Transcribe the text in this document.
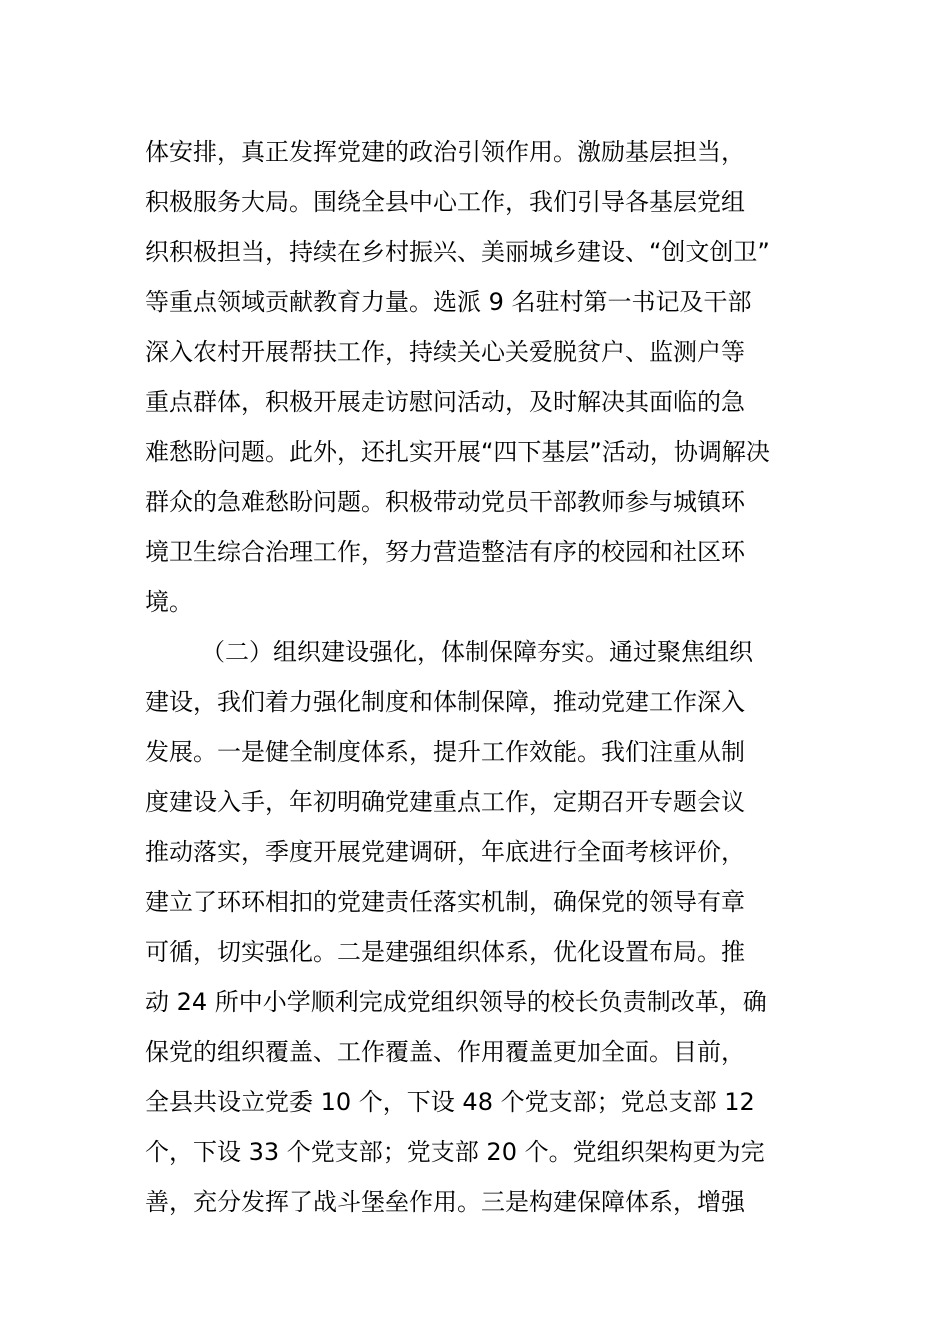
体安排，真正发挥党建的政治引领作用。激励基层担当，
积极服务大局。围绕全县中心工作，我们引导各基层党组
织积极担当，持续在乡村振兴、美丽城乡建设、“创文创卫”
等重点领域贡献教育力量。选派 9 名驻村第一书记及干部
深入农村开展帮扶工作，持续关心关爱脱贫户、监测户等
重点群体，积极开展走访慰问活动，及时解决其面临的急
难愁盼问题。此外，还扎实开展“四下基层”活动，协调解决
群众的急难愁盼问题。积极带动党员干部教师参与城镇环
境卫生综合治理工作，努力营造整洁有序的校园和社区环
境。
（二）组织建设强化，体制保障夯实。通过聚焦组织
建设，我们着力强化制度和体制保障，推动党建工作深入
发展。一是健全制度体系，提升工作效能。我们注重从制
度建设入手，年初明确党建重点工作，定期召开专题会议
推动落实，季度开展党建调研，年底进行全面考核评价，
建立了环环相扣的党建责任落实机制，确保党的领导有章
可循，切实强化。二是建强组织体系，优化设置布局。推
动 24 所中小学顺利完成党组织领导的校长负责制改革，确
保党的组织覆盖、工作覆盖、作用覆盖更加全面。目前，
全县共设立党委 10 个，下设 48 个党支部；党总支部 12
个，下设 33 个党支部；党支部 20 个。党组织架构更为完
善，充分发挥了战斗堡垒作用。三是构建保障体系，增强
